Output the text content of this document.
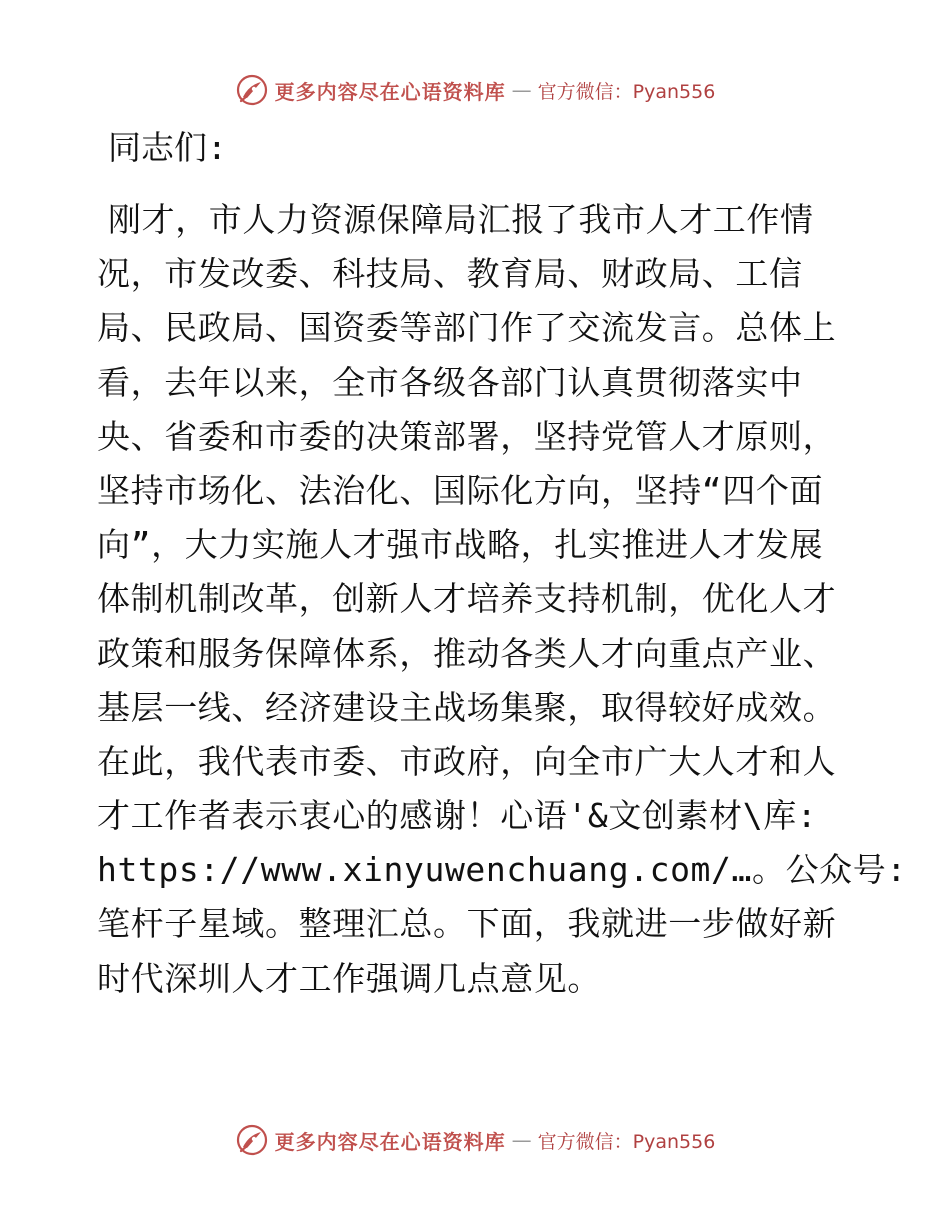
更多内容尽在心语资料库 — 官方微信：Pyan556
同志们:
刚才，市人力资源保障局汇报了我市人才工作情
况，市发改委、科技局、教育局、财政局、工信
局、民政局、国资委等部门作了交流发言。总体上
看，去年以来，全市各级各部门认真贯彻落实中
央、省委和市委的决策部署，坚持党管人才原则，
坚持市场化、法治化、国际化方向，坚持“四个面
向”，大力实施人才强市战略，扎实推进人才发展
体制机制改革，创新人才培养支持机制，优化人才
政策和服务保障体系，推动各类人才向重点产业、
基层一线、经济建设主战场集聚，取得较好成效。
在此，我代表市委、市政府，向全市广大人才和人
才工作者表示衷心的感谢！心语'&文创素材\库:
https://www.xinyuwenchuang.com/…。公众号:
笔杆子星域。整理汇总。下面，我就进一步做好新
时代深圳人才工作强调几点意见。
更多内容尽在心语资料库 — 官方微信：Pyan556
